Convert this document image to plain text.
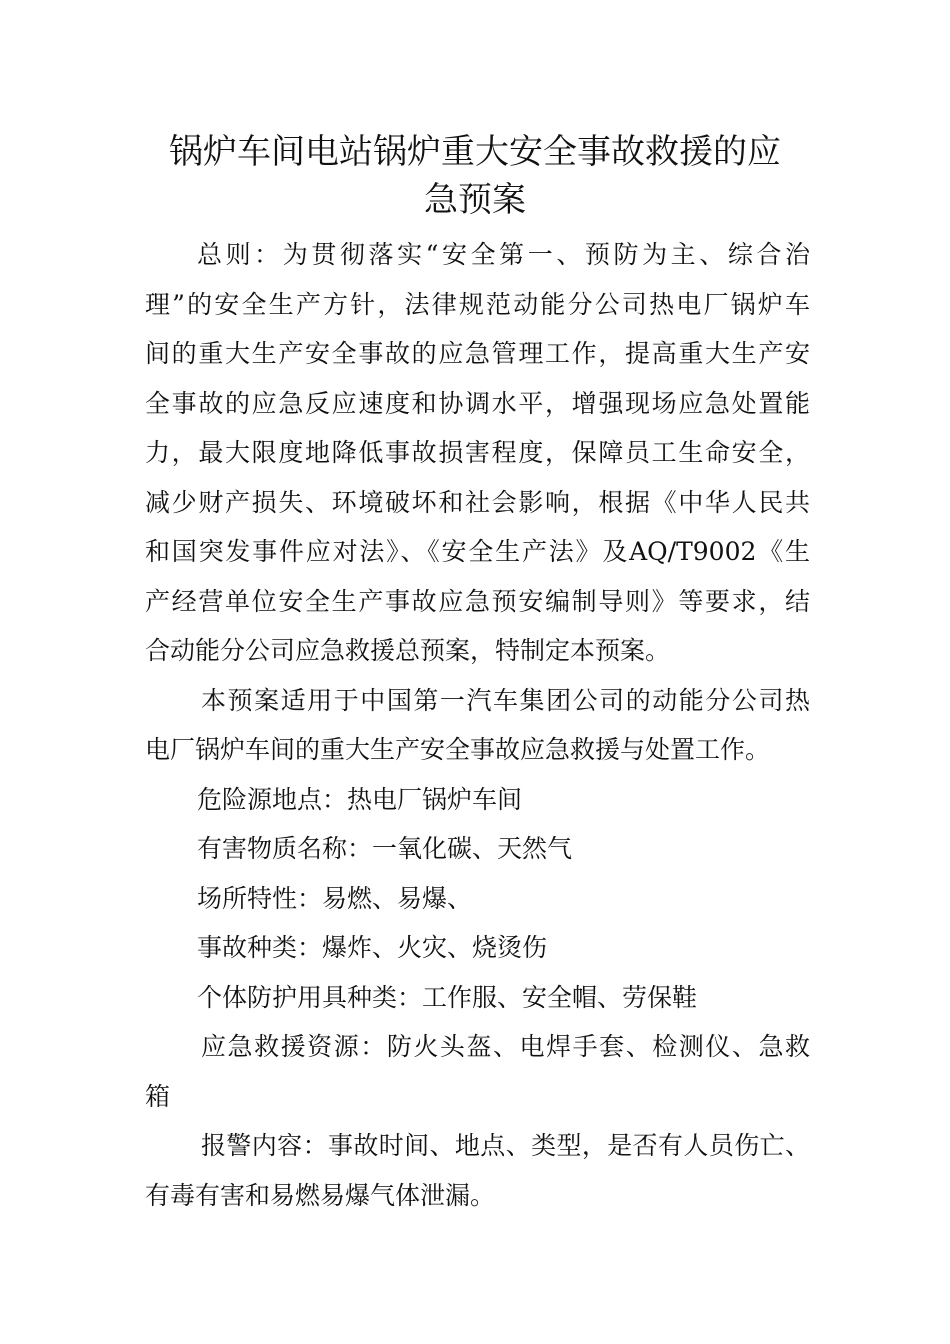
锅炉车间电站锅炉重大安全事故救援的应
急预案
总则：为贯彻落实“安全第一、预防为主、综合治
理”的安全生产方针，法律规范动能分公司热电厂锅炉车
间的重大生产安全事故的应急管理工作，提高重大生产安
全事故的应急反应速度和协调水平，增强现场应急处置能
力，最大限度地降低事故损害程度，保障员工生命安全，
减少财产损失、环境破坏和社会影响，根据《中华人民共
和国突发事件应对法》、《安全生产法》及AQ/T9002《生
产经营单位安全生产事故应急预安编制导则》等要求，结
合动能分公司应急救援总预案，特制定本预案。
本预案适用于中国第一汽车集团公司的动能分公司热
电厂锅炉车间的重大生产安全事故应急救援与处置工作。
危险源地点：热电厂锅炉车间
有害物质名称：一氧化碳、天然气
场所特性：易燃、易爆、
事故种类：爆炸、火灾、烧烫伤
个体防护用具种类：工作服、安全帽、劳保鞋
应急救援资源：防火头盔、电焊手套、检测仪、急救
箱
报警内容：事故时间、地点、类型，是否有人员伤亡、
有毒有害和易燃易爆气体泄漏。
